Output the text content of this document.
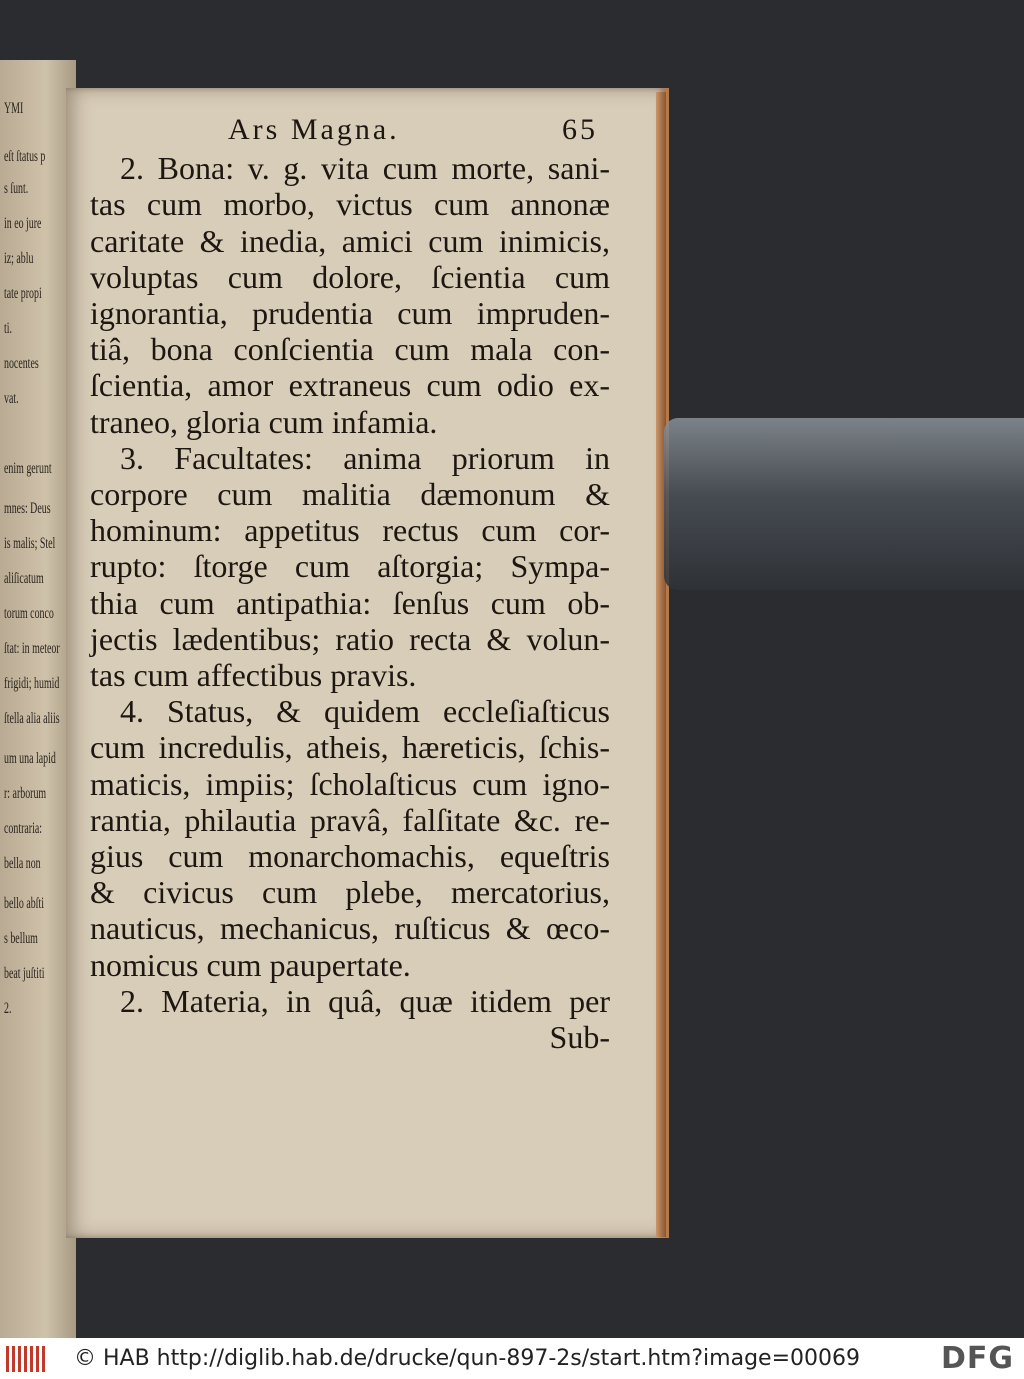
YMI
eſt ſtatus p
s ſunt.
in eo jure
iz; ablu
tate propi
ti.
nocentes
vat.
enim gerunt
mnes: Deus
is malis; Stel
aliſicatum
torum conco
ſtat: in meteor
frigidi; humid
ſtella alia aliis
um una lapid
r: arborum
contraria:
bella non
bello abſti
s bellum
beat juſtiti
2.
Ars Magna.	65
2. Bona: v. g. vita cum morte, sani-
tas cum morbo, victus cum annonæ
caritate & inedia, amici cum inimicis,
voluptas cum dolore, ſcientia cum
ignorantia, prudentia cum impruden-
tiâ, bona conſcientia cum mala con-
ſcientia, amor extraneus cum odio ex-
traneo, gloria cum infamia.
3. Facultates: anima priorum in
corpore cum malitia dæmonum &
hominum: appetitus rectus cum cor-
rupto: ſtorge cum aſtorgia; Sympa-
thia cum antipathia: ſenſus cum ob-
jectis lædentibus; ratio recta & volun-
tas cum affectibus pravis.
4. Status, & quidem eccleſiaſticus
cum incredulis, atheis, hæreticis, ſchis-
maticis, impiis; ſcholaſticus cum igno-
rantia, philautia pravâ, falſitate &c. re-
gius cum monarchomachis, equeſtris
& civicus cum plebe, mercatorius,
nauticus, mechanicus, ruſticus & œco-
nomicus cum paupertate.
2. Materia, in quâ, quæ itidem per
Sub-
© HAB http://diglib.hab.de/drucke/qun-897-2s/start.htm?image=00069	DFG
